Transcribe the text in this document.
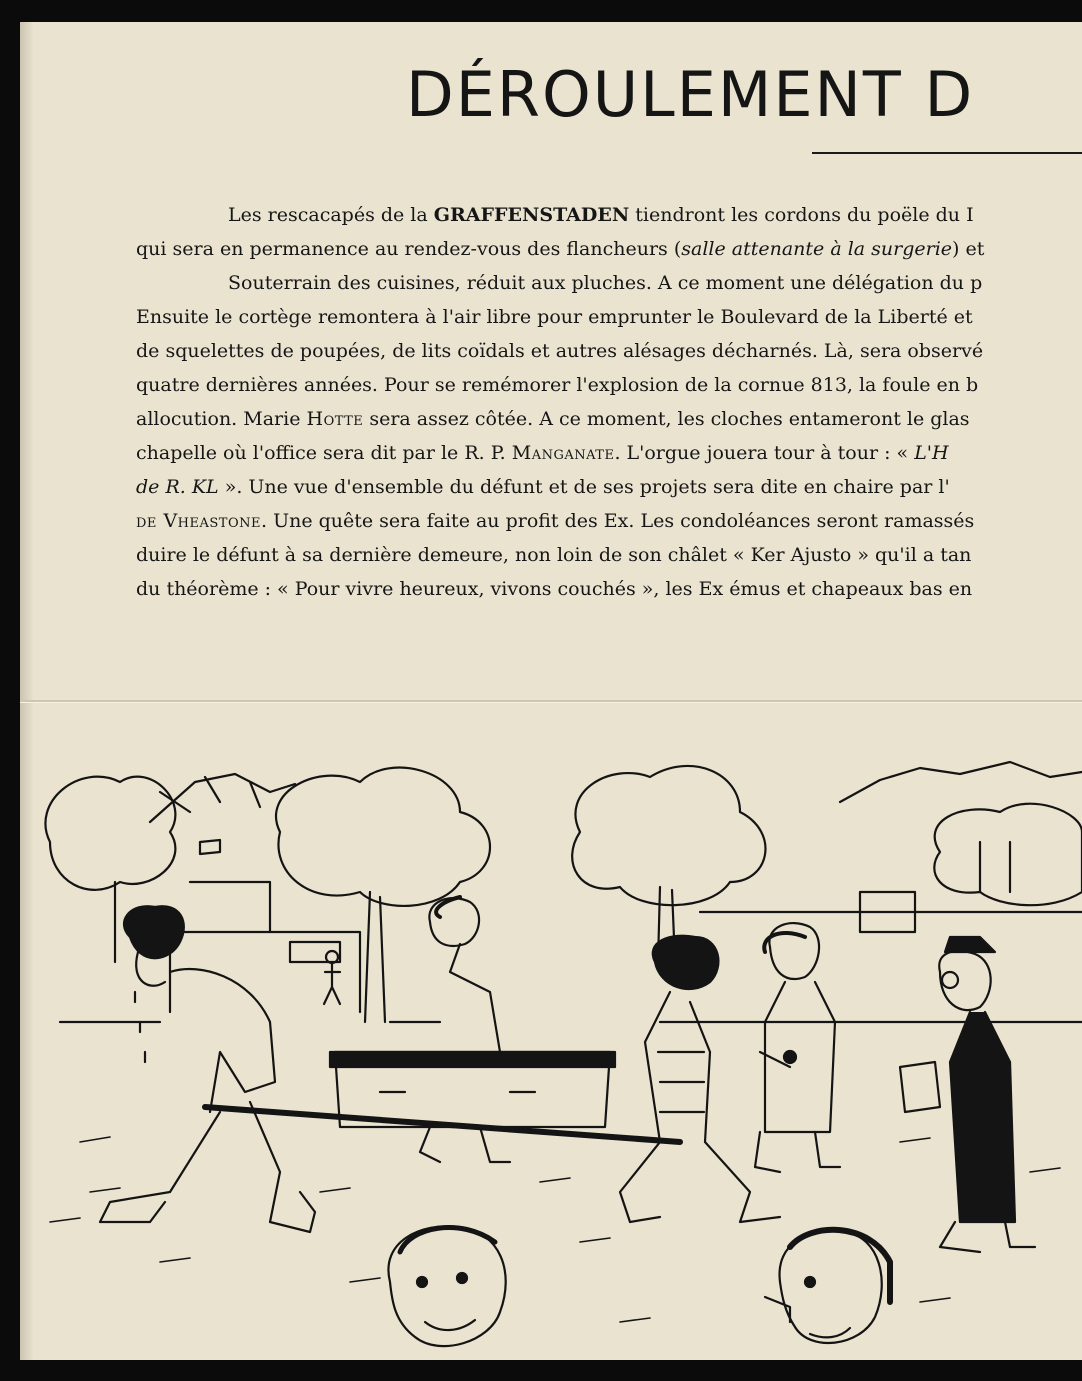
DÉROULEMENT D
Les rescacapés de la GRAFFENSTADEN tiendront les cordons du poële du I
qui sera en permanence au rendez-vous des flancheurs (salle attenante à la surgerie) et
Souterrain des cuisines, réduit aux pluches. A ce moment une délégation du p
Ensuite le cortège remontera à l'air libre pour emprunter le Boulevard de la Liberté et
de squelettes de poupées, de lits coïdals et autres alésages décharnés. Là, sera observé
quatre dernières années. Pour se remémorer l'explosion de la cornue 813, la foule en b
allocution. Marie Hotte sera assez côtée. A ce moment, les cloches entameront le glas
chapelle où l'office sera dit par le R. P. Manganate. L'orgue jouera tour à tour : « L'H
de R. KL ». Une vue d'ensemble du défunt et de ses projets sera dite en chaire par l'
de Vheastone. Une quête sera faite au profit des Ex. Les condoléances seront ramassés
duire le défunt à sa dernière demeure, non loin de son châlet « Ker Ajusto » qu'il a tan
du théorème : « Pour vivre heureux, vivons couchés », les Ex émus et chapeaux bas en
